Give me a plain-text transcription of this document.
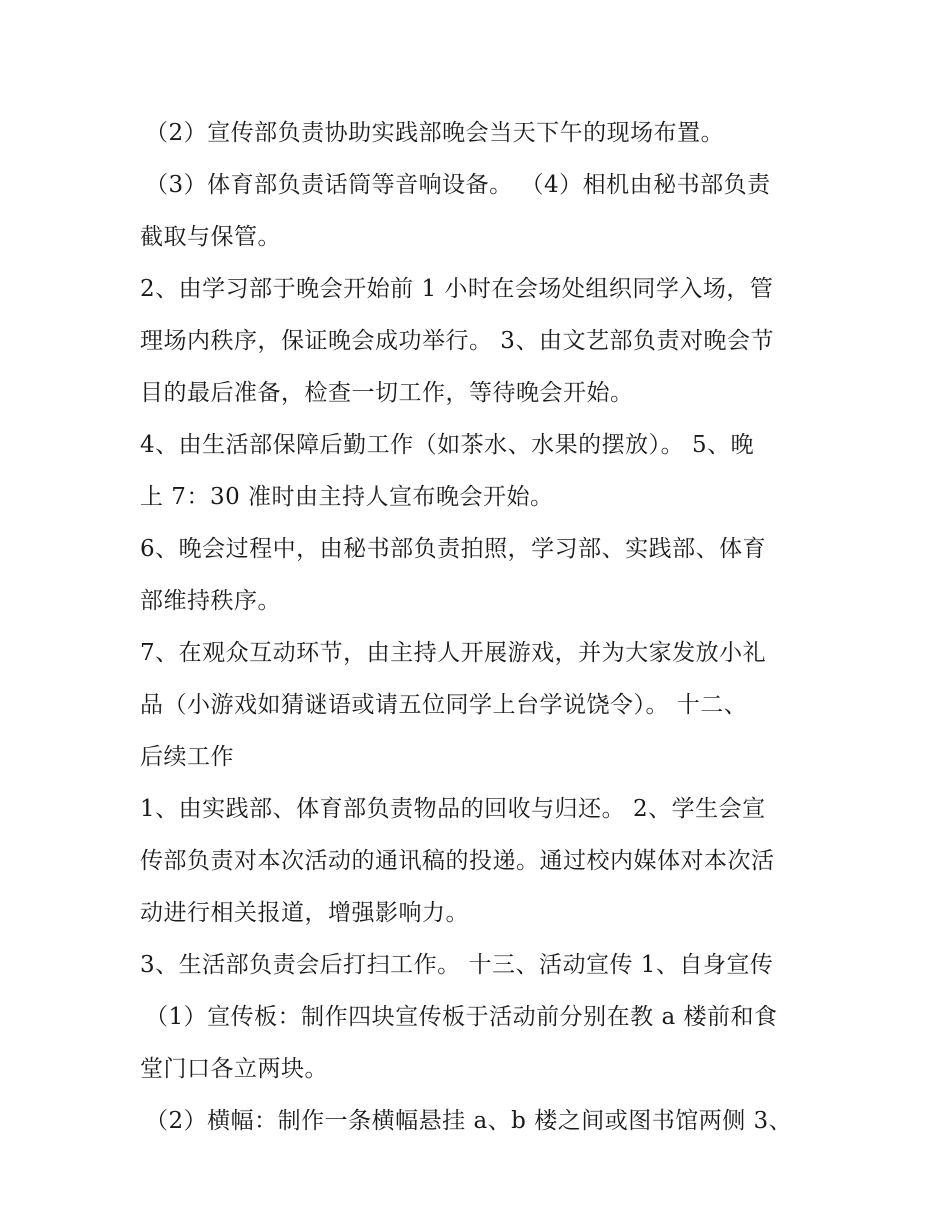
（2）宣传部负责协助实践部晚会当天下午的现场布置。
（3）体育部负责话筒等音响设备。 （4）相机由秘书部负责
截取与保管。
2、由学习部于晚会开始前 1 小时在会场处组织同学入场，管
理场内秩序，保证晚会成功举行。 3、由文艺部负责对晚会节
目的最后准备，检查一切工作，等待晚会开始。
4、由生活部保障后勤工作（如茶水、水果的摆放）。 5、晚
上 7：30 准时由主持人宣布晚会开始。
6、晚会过程中，由秘书部负责拍照，学习部、实践部、体育
部维持秩序。
7、在观众互动环节，由主持人开展游戏，并为大家发放小礼
品（小游戏如猜谜语或请五位同学上台学说饶令）。 十二、
后续工作
1、由实践部、体育部负责物品的回收与归还。 2、学生会宣
传部负责对本次活动的通讯稿的投递。通过校内媒体对本次活
动进行相关报道，增强影响力。
3、生活部负责会后打扫工作。 十三、活动宣传 1、自身宣传
（1）宣传板：制作四块宣传板于活动前分别在教 a 楼前和食
堂门口各立两块。
（2）横幅：制作一条横幅悬挂 a、b 楼之间或图书馆两侧 3、
